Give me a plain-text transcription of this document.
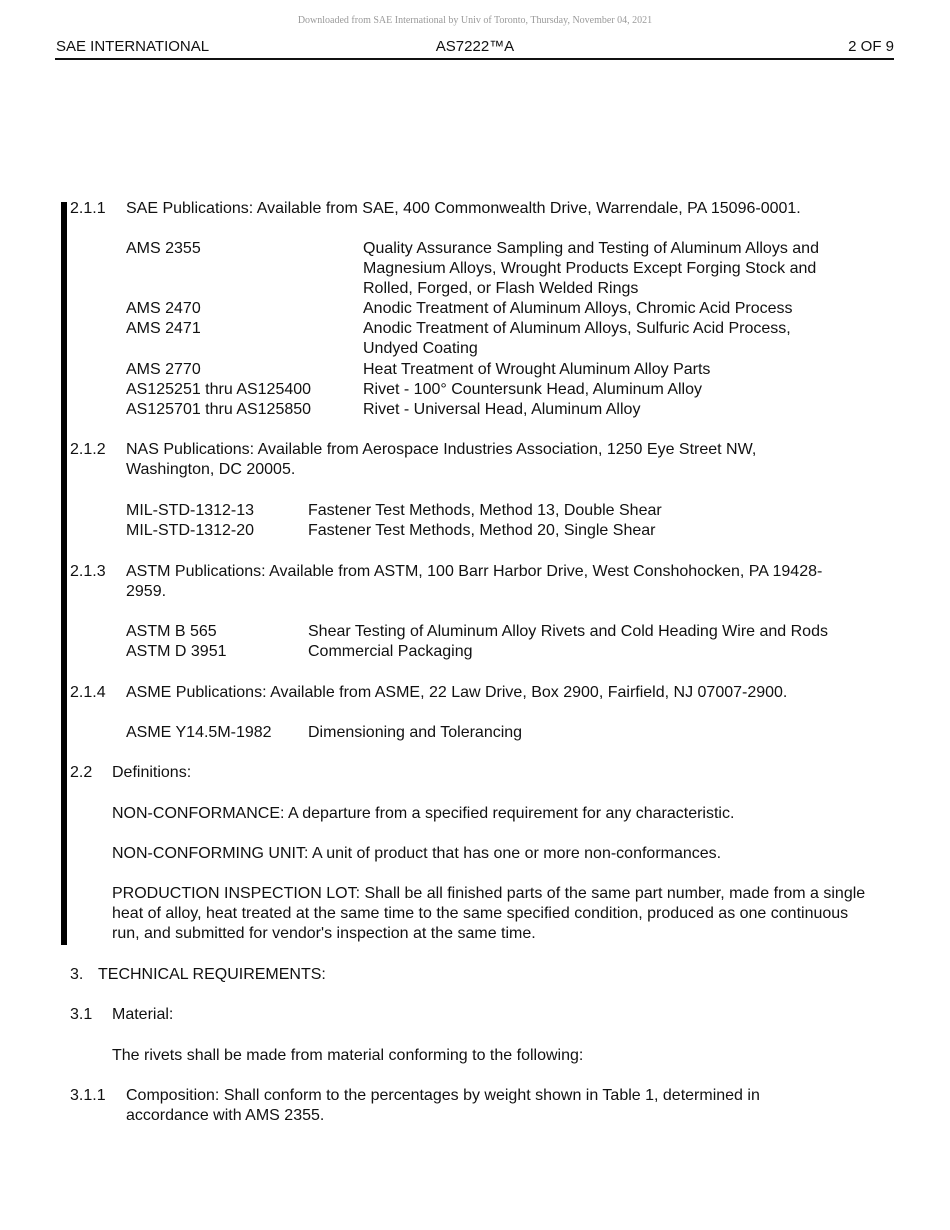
Downloaded from SAE International by Univ of Toronto, Thursday, November 04, 2021
SAE INTERNATIONAL	AS7222™A	2 OF 9
2.1.1 SAE Publications: Available from SAE, 400 Commonwealth Drive, Warrendale, PA 15096-0001.
AMS 2355	Quality Assurance Sampling and Testing of Aluminum Alloys and Magnesium Alloys, Wrought Products Except Forging Stock and Rolled, Forged, or Flash Welded Rings
AMS 2470	Anodic Treatment of Aluminum Alloys, Chromic Acid Process
AMS 2471	Anodic Treatment of Aluminum Alloys, Sulfuric Acid Process, Undyed Coating
AMS 2770	Heat Treatment of Wrought Aluminum Alloy Parts
AS125251 thru AS125400	Rivet - 100° Countersunk Head, Aluminum Alloy
AS125701 thru AS125850	Rivet - Universal Head, Aluminum Alloy
2.1.2 NAS Publications: Available from Aerospace Industries Association, 1250 Eye Street NW, Washington, DC 20005.
MIL-STD-1312-13	Fastener Test Methods, Method 13, Double Shear
MIL-STD-1312-20	Fastener Test Methods, Method 20, Single Shear
2.1.3 ASTM Publications: Available from ASTM, 100 Barr Harbor Drive, West Conshohocken, PA 19428-2959.
ASTM B 565	Shear Testing of Aluminum Alloy Rivets and Cold Heading Wire and Rods
ASTM D 3951	Commercial Packaging
2.1.4 ASME Publications: Available from ASME, 22 Law Drive, Box 2900, Fairfield, NJ 07007-2900.
ASME Y14.5M-1982 Dimensioning and Tolerancing
2.2 Definitions:
NON-CONFORMANCE: A departure from a specified requirement for any characteristic.
NON-CONFORMING UNIT: A unit of product that has one or more non-conformances.
PRODUCTION INSPECTION LOT: Shall be all finished parts of the same part number, made from a single heat of alloy, heat treated at the same time to the same specified condition, produced as one continuous run, and submitted for vendor's inspection at the same time.
3. TECHNICAL REQUIREMENTS:
3.1 Material:
The rivets shall be made from material conforming to the following:
3.1.1 Composition: Shall conform to the percentages by weight shown in Table 1, determined in accordance with AMS 2355.
